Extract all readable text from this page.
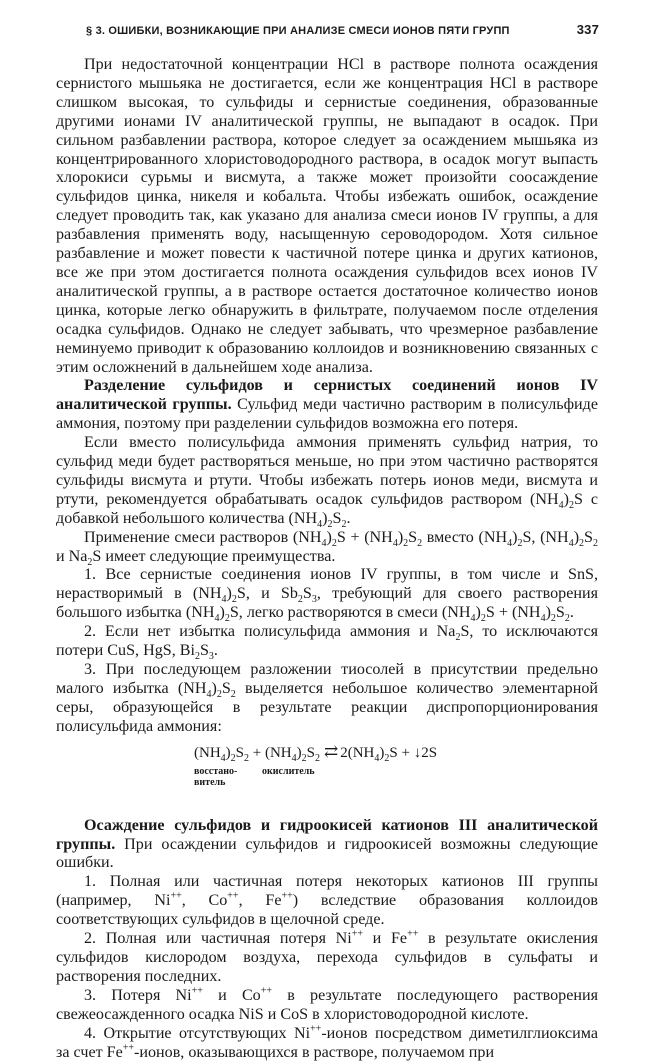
§ 3. ОШИБКИ, ВОЗНИКАЮЩИЕ ПРИ АНАЛИЗЕ СМЕСИ ИОНОВ ПЯТИ ГРУПП	337

При недостаточной концентрации HCl в растворе полнота осаждения сернистого мышьяка не достигается, если же концентрация HCl в растворе слишком высокая, то сульфиды и сернистые соединения, образованные другими ионами IV аналитической группы, не выпадают в осадок. При сильном разбавлении раствора, которое следует за осаждением мышьяка из концентрированного хлористоводородного раствора, в осадок могут выпасть хлорокиси сурьмы и висмута, а также может произойти соосаждение сульфидов цинка, никеля и кобальта. Чтобы избежать ошибок, осаждение следует проводить так, как указано для анализа смеси ионов IV группы, а для разбавления применять воду, насыщенную сероводородом. Хотя сильное разбавление и может повести к частичной потере цинка и других катионов, все же при этом достигается полнота осаждения сульфидов всех ионов IV аналитической группы, а в растворе остается достаточное количество ионов цинка, которые легко обнаружить в фильтрате, получаемом после отделения осадка сульфидов. Однако не следует забывать, что чрезмерное разбавление неминуемо приводит к образованию коллоидов и возникновению связанных с этим осложнений в дальнейшем ходе анализа.

Разделение сульфидов и сернистых соединений ионов IV аналитической группы. Сульфид меди частично растворим в полисульфиде аммония, поэтому при разделении сульфидов возможна его потеря.

Если вместо полисульфида аммония применять сульфид натрия, то сульфид меди будет растворяться меньше, но при этом частично растворятся сульфиды висмута и ртути. Чтобы избежать потерь ионов меди, висмута и ртути, рекомендуется обрабатывать осадок сульфидов раствором $(NH_4)_2S$ с добавкой небольшого количества $(NH_4)_2S_2$.

Применение смеси растворов $(NH_4)_2S + (NH_4)_2S_2$ вместо $(NH_4)_2S$, $(NH_4)_2S_2$ и $Na_2S$ имеет следующие преимущества.

1. Все сернистые соединения ионов IV группы, в том числе и SnS, нерастворимый в $(NH_4)_2S$, и $Sb_2S_3$, требующий для своего растворения большого избытка $(NH_4)_2S$, легко растворяются в смеси $(NH_4)_2S + (NH_4)_2S_2$.

2. Если нет избытка полисульфида аммония и $Na_2S$, то исключаются потери CuS, HgS, $Bi_2S_3$.

3. При последующем разложении тиосолей в присутствии предельно малого избытка $(NH_4)_2S_2$ выделяется небольшое количество элементарной серы, образующейся в результате реакции диспропорционирования полисульфида аммония:

$(NH_4)_2S_2 + (NH_4)_2S_2$ ⇄ $2(NH_4)_2S$ + ↓2S
восстано-витель
окислитель

Осаждение сульфидов и гидроокисей катионов III аналитической группы. При осаждении сульфидов и гидроокисей возможны следующие ошибки.

1. Полная или частичная потеря некоторых катионов III группы (например, Ni++, Co++, Fe++) вследствие образования коллоидов соответствующих сульфидов в щелочной среде.

2. Полная или частичная потеря Ni++ и Fe++ в результате окисления сульфидов кислородом воздуха, перехода сульфидов в сульфаты и растворения последних.

3. Потеря Ni++ и Co++ в результате последующего растворения свежеосажденного осадка NiS и CoS в хлористоводородной кислоте.

4. Открытие отсутствующих Ni++-ионов посредством диметилглиоксима за счет Fe++-ионов, оказывающихся в растворе, получаемом при
